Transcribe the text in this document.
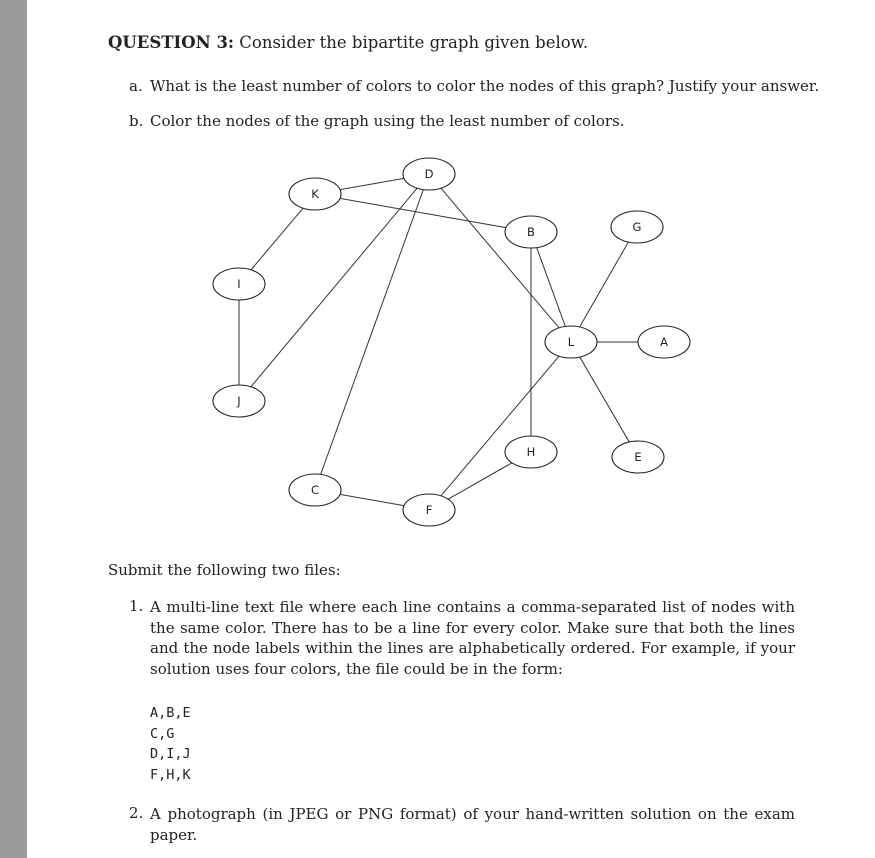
QUESTION 3: Consider the bipartite graph given below.
a. What is the least number of colors to color the nodes of this graph? Justify your answer.
b. Color the nodes of the graph using the least number of colors.
D
K
B	G
I
L	A
J
H	E
C
F
Submit the following two files:
1. A multi-line text file where each line contains a comma-separated list of nodes with the same color. There has to be a line for every color. Make sure that both the lines and the node labels within the lines are alphabetically ordered. For example, if your solution uses four colors, the file could be in the form:
A,B,E
C,G
D,I,J
F,H,K
2. A photograph (in JPEG or PNG format) of your hand-written solution on the exam paper.
